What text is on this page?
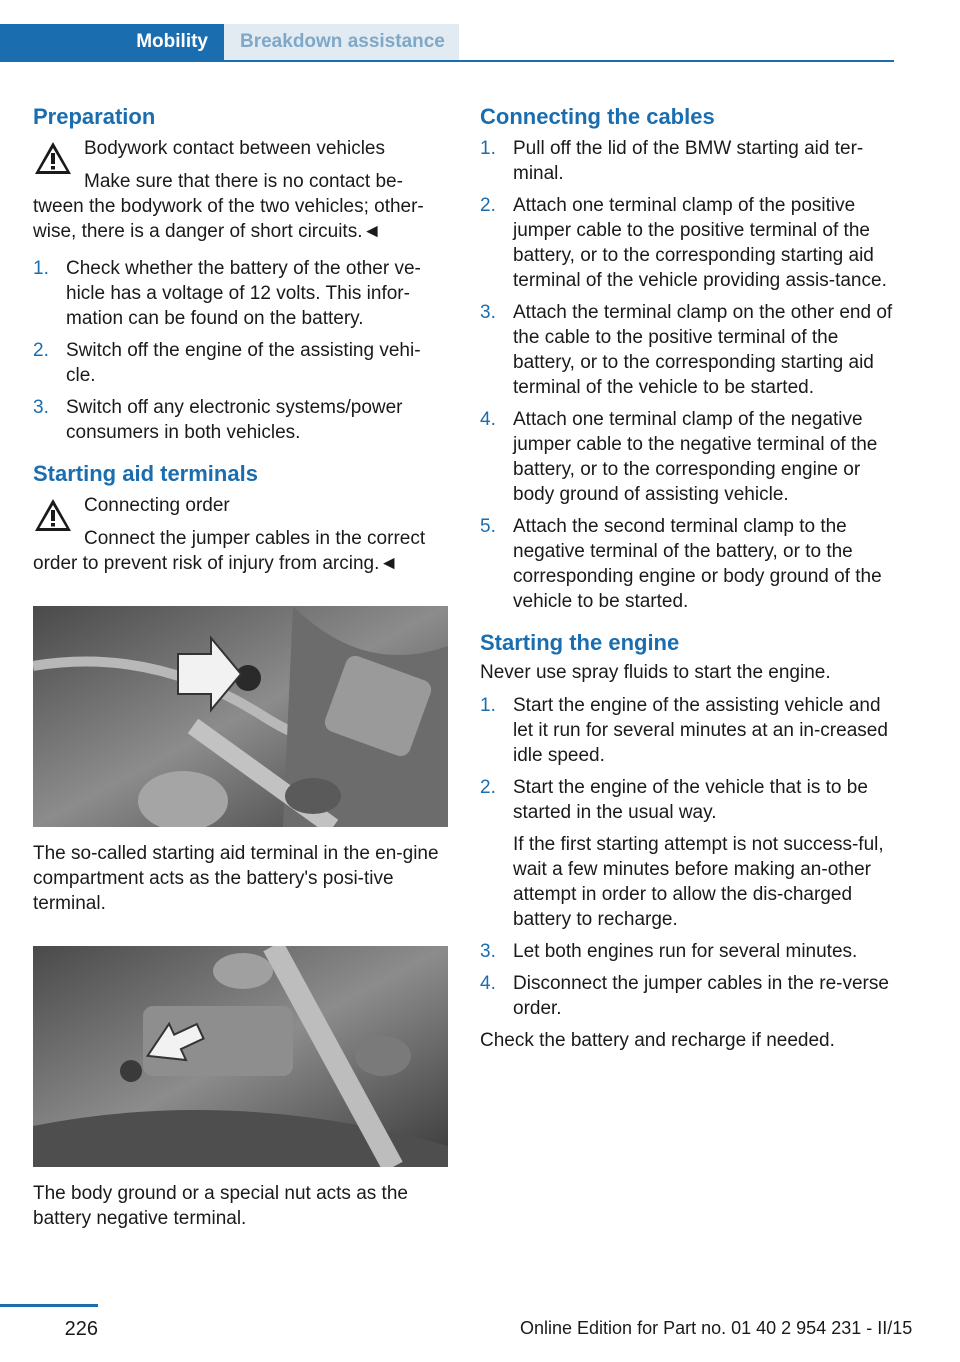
Mobility	Breakdown assistance
Preparation
Bodywork contact between vehicles

Make sure that there is no contact be-tween the bodywork of the two vehicles; other-wise, there is a danger of short circuits.◄

1. Check whether the battery of the other ve-hicle has a voltage of 12 volts. This infor-mation can be found on the battery.
2. Switch off the engine of the assisting vehi-cle.
3. Switch off any electronic systems/power consumers in both vehicles.
Starting aid terminals
Connecting order

Connect the jumper cables in the correct order to prevent risk of injury from arcing.◄

The so-called starting aid terminal in the en-gine compartment acts as the battery's posi-tive terminal.

The body ground or a special nut acts as the battery negative terminal.

Connecting the cables
1. Pull off the lid of the BMW starting aid ter-minal.
2. Attach one terminal clamp of the positive jumper cable to the positive terminal of the battery, or to the corresponding starting aid terminal of the vehicle providing assis-tance.
3. Attach the terminal clamp on the other end of the cable to the positive terminal of the battery, or to the corresponding starting aid terminal of the vehicle to be started.
4. Attach one terminal clamp of the negative jumper cable to the negative terminal of the battery, or to the corresponding engine or body ground of assisting vehicle.
5. Attach the second terminal clamp to the negative terminal of the battery, or to the corresponding engine or body ground of the vehicle to be started.
Starting the engine

Never use spray fluids to start the engine.

1. Start the engine of the assisting vehicle and let it run for several minutes at an in-creased idle speed.
2. Start the engine of the vehicle that is to be started in the usual way.

If the first starting attempt is not success-ful, wait a few minutes before making an-other attempt in order to allow the dis-charged battery to recharge.

3. Let both engines run for several minutes.
4. Disconnect the jumper cables in the re-verse order.

Check the battery and recharge if needed.

226	Online Edition for Part no. 01 40 2 954 231 - II/15
